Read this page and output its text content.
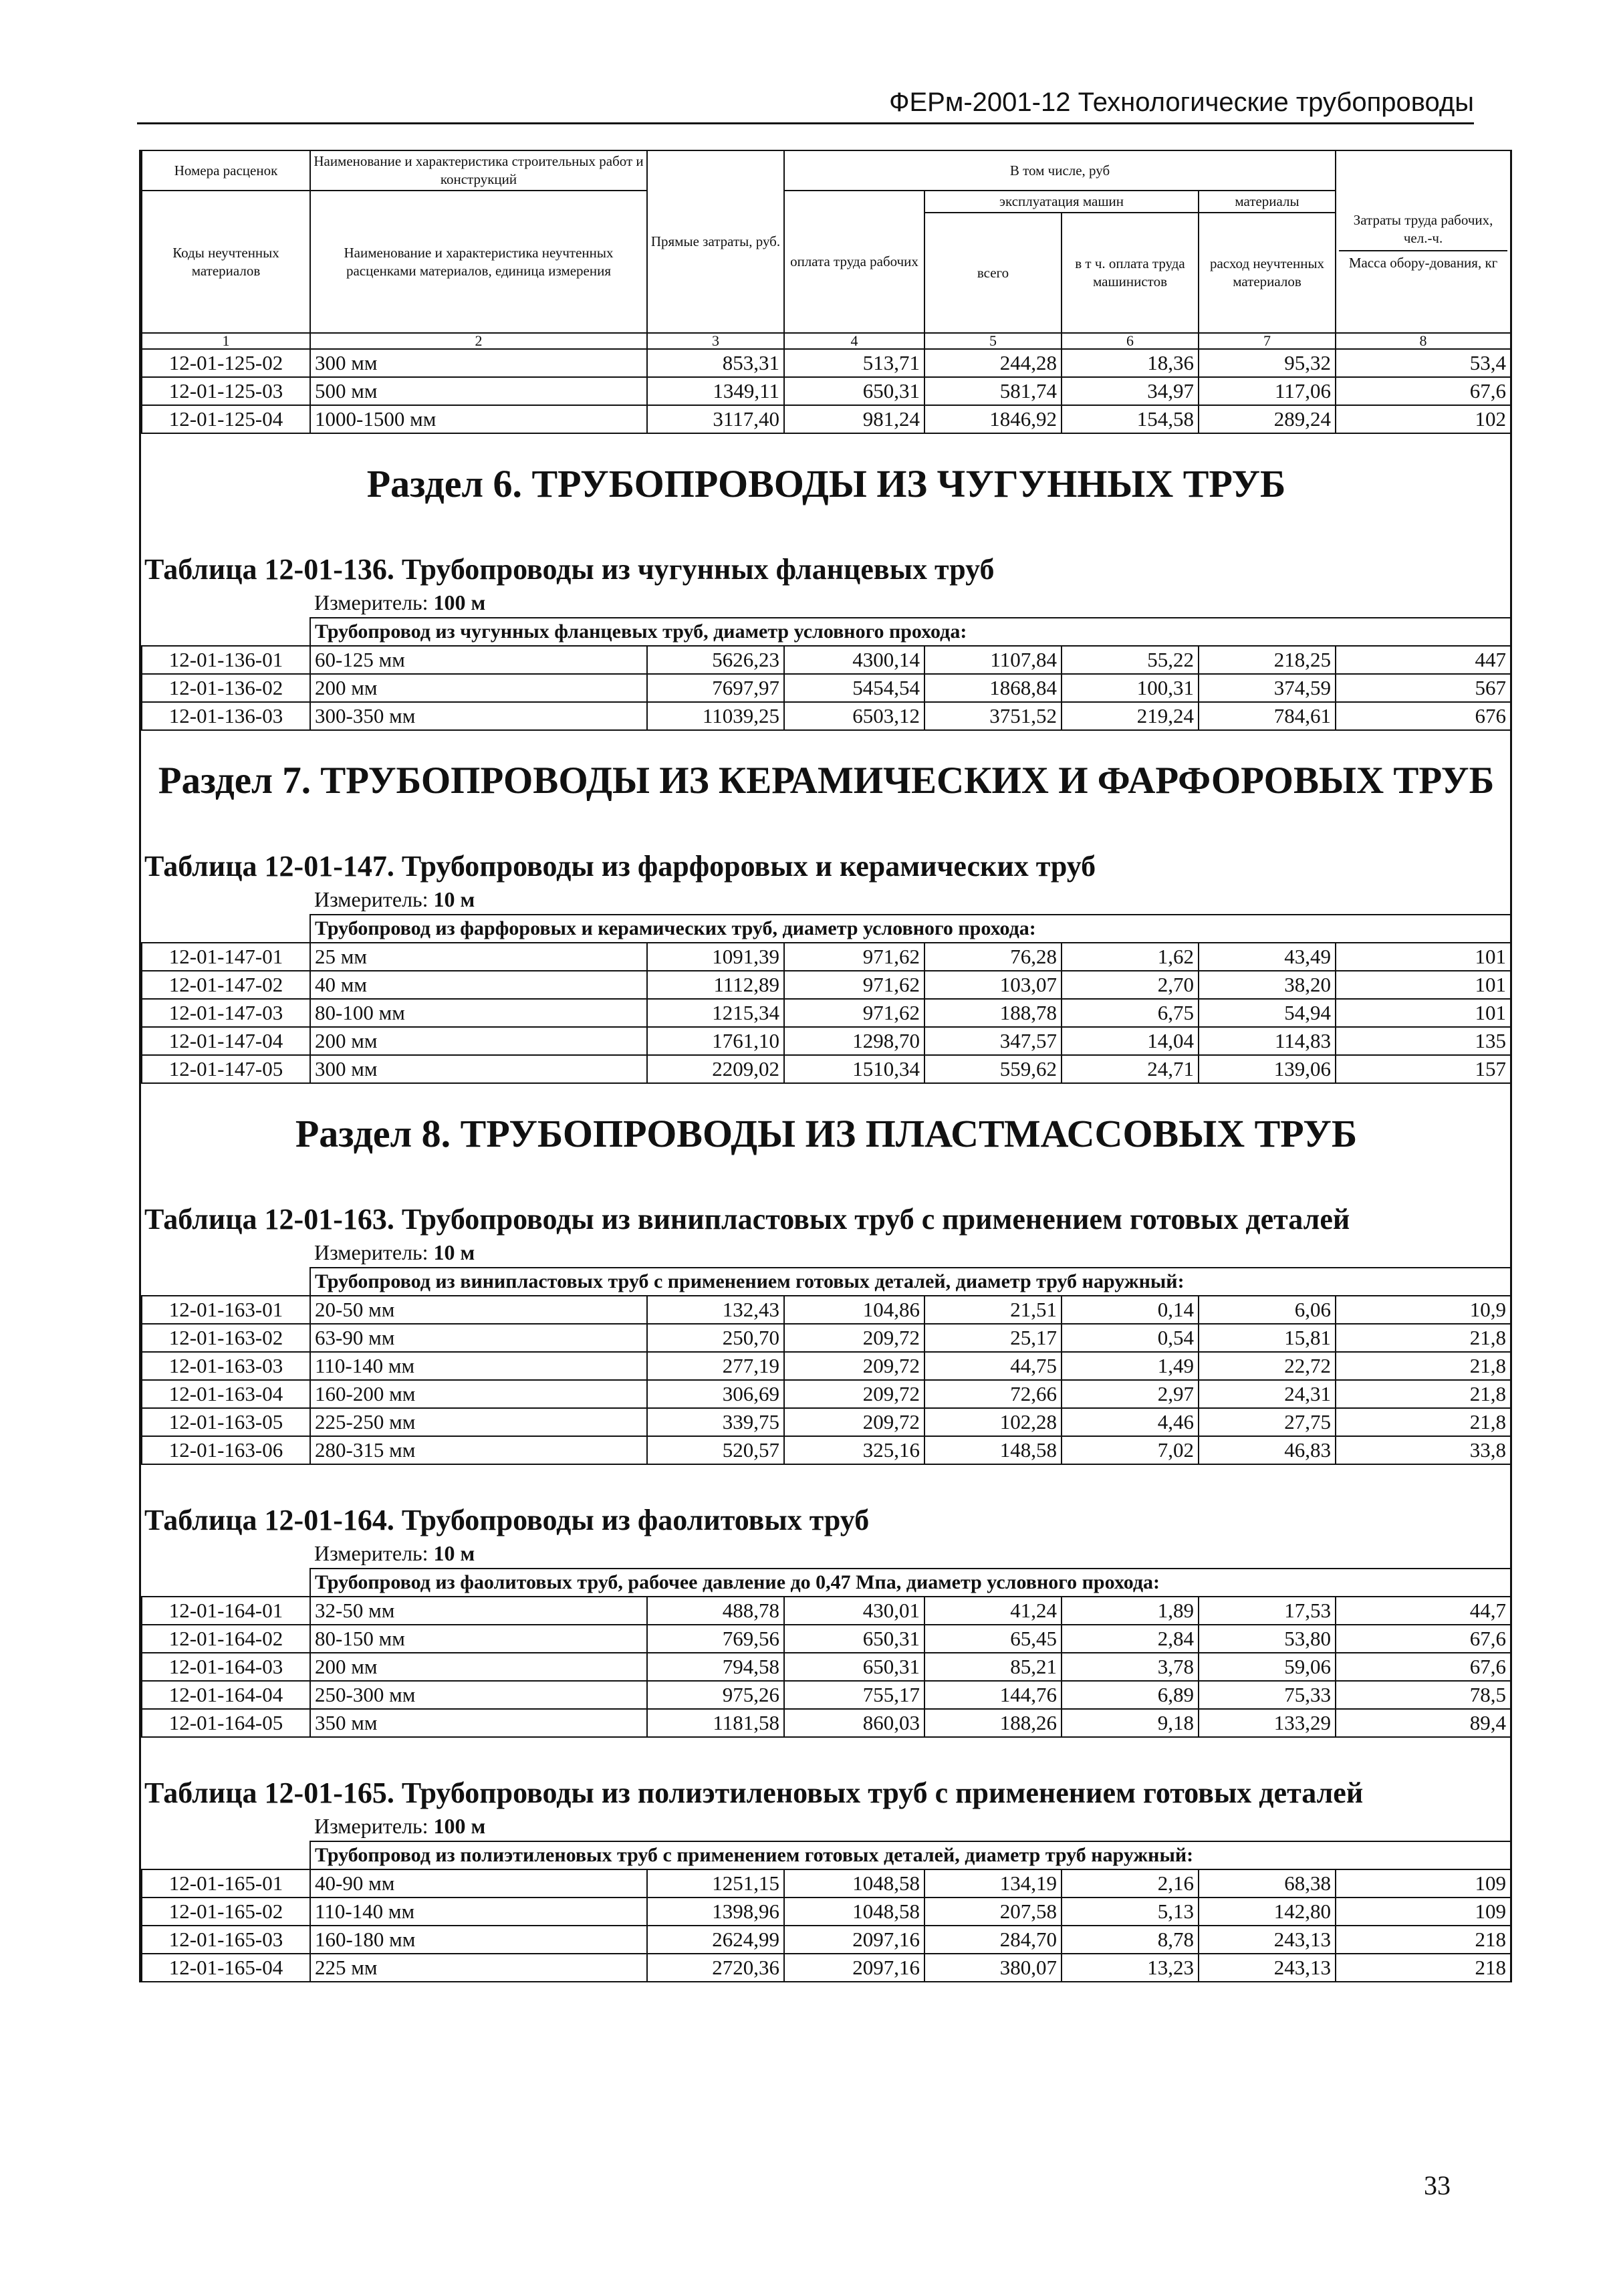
ФЕРм-2001-12 Технологические трубопроводы
Номера расценок	Наименование и характеристика строительных работ и конструкций	Прямые затраты, руб.	В том числе, руб				Затраты труда рабочих, чел.-ч.
Масса обору-дования, кг

Коды неучтенных материалов	Наименование и характеристика неучтенных расценками материалов, единица измерения		оплата труда рабочих	эксплуатация машин		материалы	
				всего	в т ч. оплата труда машинистов	расход неучтенных материалов	
1	2	3	4	5	6	7	8
12-01-125-02	300 мм	853,31	513,71	244,28	18,36	95,32	53,4
12-01-125-03	500 мм	1349,11	650,31	581,74	34,97	117,06	67,6
12-01-125-04	1000-1500 мм	3117,40	981,24	1846,92	154,58	289,24	102
Раздел 6. ТРУБОПРОВОДЫ ИЗ ЧУГУННЫХ ТРУБ							
Таблица 12-01-136. Трубопроводы из чугунных фланцевых труб							
	Измеритель: 100 м						
	Трубопровод из чугунных фланцевых труб, диаметр условного прохода:						
12-01-136-01	60-125 мм	5626,23	4300,14	1107,84	55,22	218,25	447
12-01-136-02	200 мм	7697,97	5454,54	1868,84	100,31	374,59	567
12-01-136-03	300-350 мм	11039,25	6503,12	3751,52	219,24	784,61	676
Раздел 7. ТРУБОПРОВОДЫ ИЗ КЕРАМИЧЕСКИХ И ФАРФОРОВЫХ ТРУБ							
Таблица 12-01-147. Трубопроводы из фарфоровых и керамических труб							
	Измеритель: 10 м						
	Трубопровод из фарфоровых и керамических труб, диаметр условного прохода:						
12-01-147-01	25 мм	1091,39	971,62	76,28	1,62	43,49	101
12-01-147-02	40 мм	1112,89	971,62	103,07	2,70	38,20	101
12-01-147-03	80-100 мм	1215,34	971,62	188,78	6,75	54,94	101
12-01-147-04	200 мм	1761,10	1298,70	347,57	14,04	114,83	135
12-01-147-05	300 мм	2209,02	1510,34	559,62	24,71	139,06	157
Раздел 8. ТРУБОПРОВОДЫ ИЗ ПЛАСТМАССОВЫХ ТРУБ							
Таблица 12-01-163. Трубопроводы из винипластовых труб с применением готовых деталей							
	Измеритель: 10 м						
	Трубопровод из винипластовых труб с применением готовых деталей, диаметр труб наружный:						
12-01-163-01	20-50 мм	132,43	104,86	21,51	0,14	6,06	10,9
12-01-163-02	63-90 мм	250,70	209,72	25,17	0,54	15,81	21,8
12-01-163-03	110-140 мм	277,19	209,72	44,75	1,49	22,72	21,8
12-01-163-04	160-200 мм	306,69	209,72	72,66	2,97	24,31	21,8
12-01-163-05	225-250 мм	339,75	209,72	102,28	4,46	27,75	21,8
12-01-163-06	280-315 мм	520,57	325,16	148,58	7,02	46,83	33,8
Таблица 12-01-164. Трубопроводы из фаолитовых труб							
	Измеритель: 10 м						
	Трубопровод из фаолитовых труб, рабочее давление до 0,47 Мпа, диаметр условного прохода:						
12-01-164-01	32-50 мм	488,78	430,01	41,24	1,89	17,53	44,7
12-01-164-02	80-150 мм	769,56	650,31	65,45	2,84	53,80	67,6
12-01-164-03	200 мм	794,58	650,31	85,21	3,78	59,06	67,6
12-01-164-04	250-300 мм	975,26	755,17	144,76	6,89	75,33	78,5
12-01-164-05	350 мм	1181,58	860,03	188,26	9,18	133,29	89,4
Таблица 12-01-165. Трубопроводы из полиэтиленовых труб с применением готовых деталей							
	Измеритель: 100 м						
	Трубопровод из полиэтиленовых труб с применением готовых деталей, диаметр труб наружный:						
12-01-165-01	40-90 мм	1251,15	1048,58	134,19	2,16	68,38	109
12-01-165-02	110-140 мм	1398,96	1048,58	207,58	5,13	142,80	109
12-01-165-03	160-180 мм	2624,99	2097,16	284,70	8,78	243,13	218
12-01-165-04	225 мм	2720,36	2097,16	380,07	13,23	243,13	218
33
